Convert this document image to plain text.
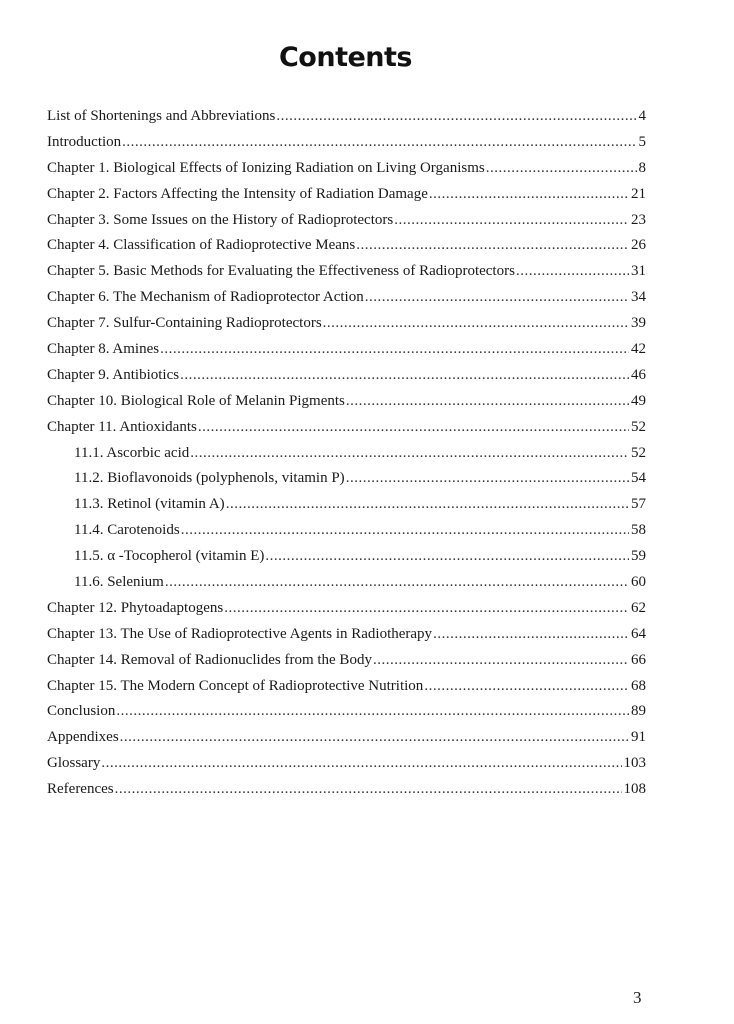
Contents
List of Shortenings and Abbreviations .....	4
Introduction .....	5
Chapter 1. Biological Effects of Ionizing Radiation on Living Organisms .....	8
Chapter 2. Factors Affecting the Intensity of Radiation Damage .....	21
Chapter 3. Some Issues on the History of Radioprotectors .....	23
Chapter 4. Classification of Radioprotective Means .....	26
Chapter 5. Basic Methods for Evaluating the Effectiveness of Radioprotectors .....	31
Chapter 6. The Mechanism of Radioprotector Action .....	34
Chapter 7. Sulfur-Containing Radioprotectors .....	39
Chapter 8. Amines .....	42
Chapter 9. Antibiotics .....	46
Chapter 10. Biological Role of Melanin Pigments .....	49
Chapter 11. Antioxidants .....	52
11.1. Ascorbic acid .....	52
11.2. Bioflavonoids (polyphenols, vitamin P) .....	54
11.3. Retinol (vitamin A) .....	57
11.4. Carotenoids .....	58
11.5. α -Tocopherol (vitamin E) .....	59
11.6. Selenium .....	60
Chapter 12. Phytoadaptogens .....	62
Chapter 13. The Use of Radioprotective Agents in Radiotherapy .....	64
Chapter 14. Removal of Radionuclides from the Body .....	66
Chapter 15. The Modern Concept of Radioprotective Nutrition .....	68
Conclusion .....	89
Appendixes .....	91
Glossary .....	103
References .....	108
3
